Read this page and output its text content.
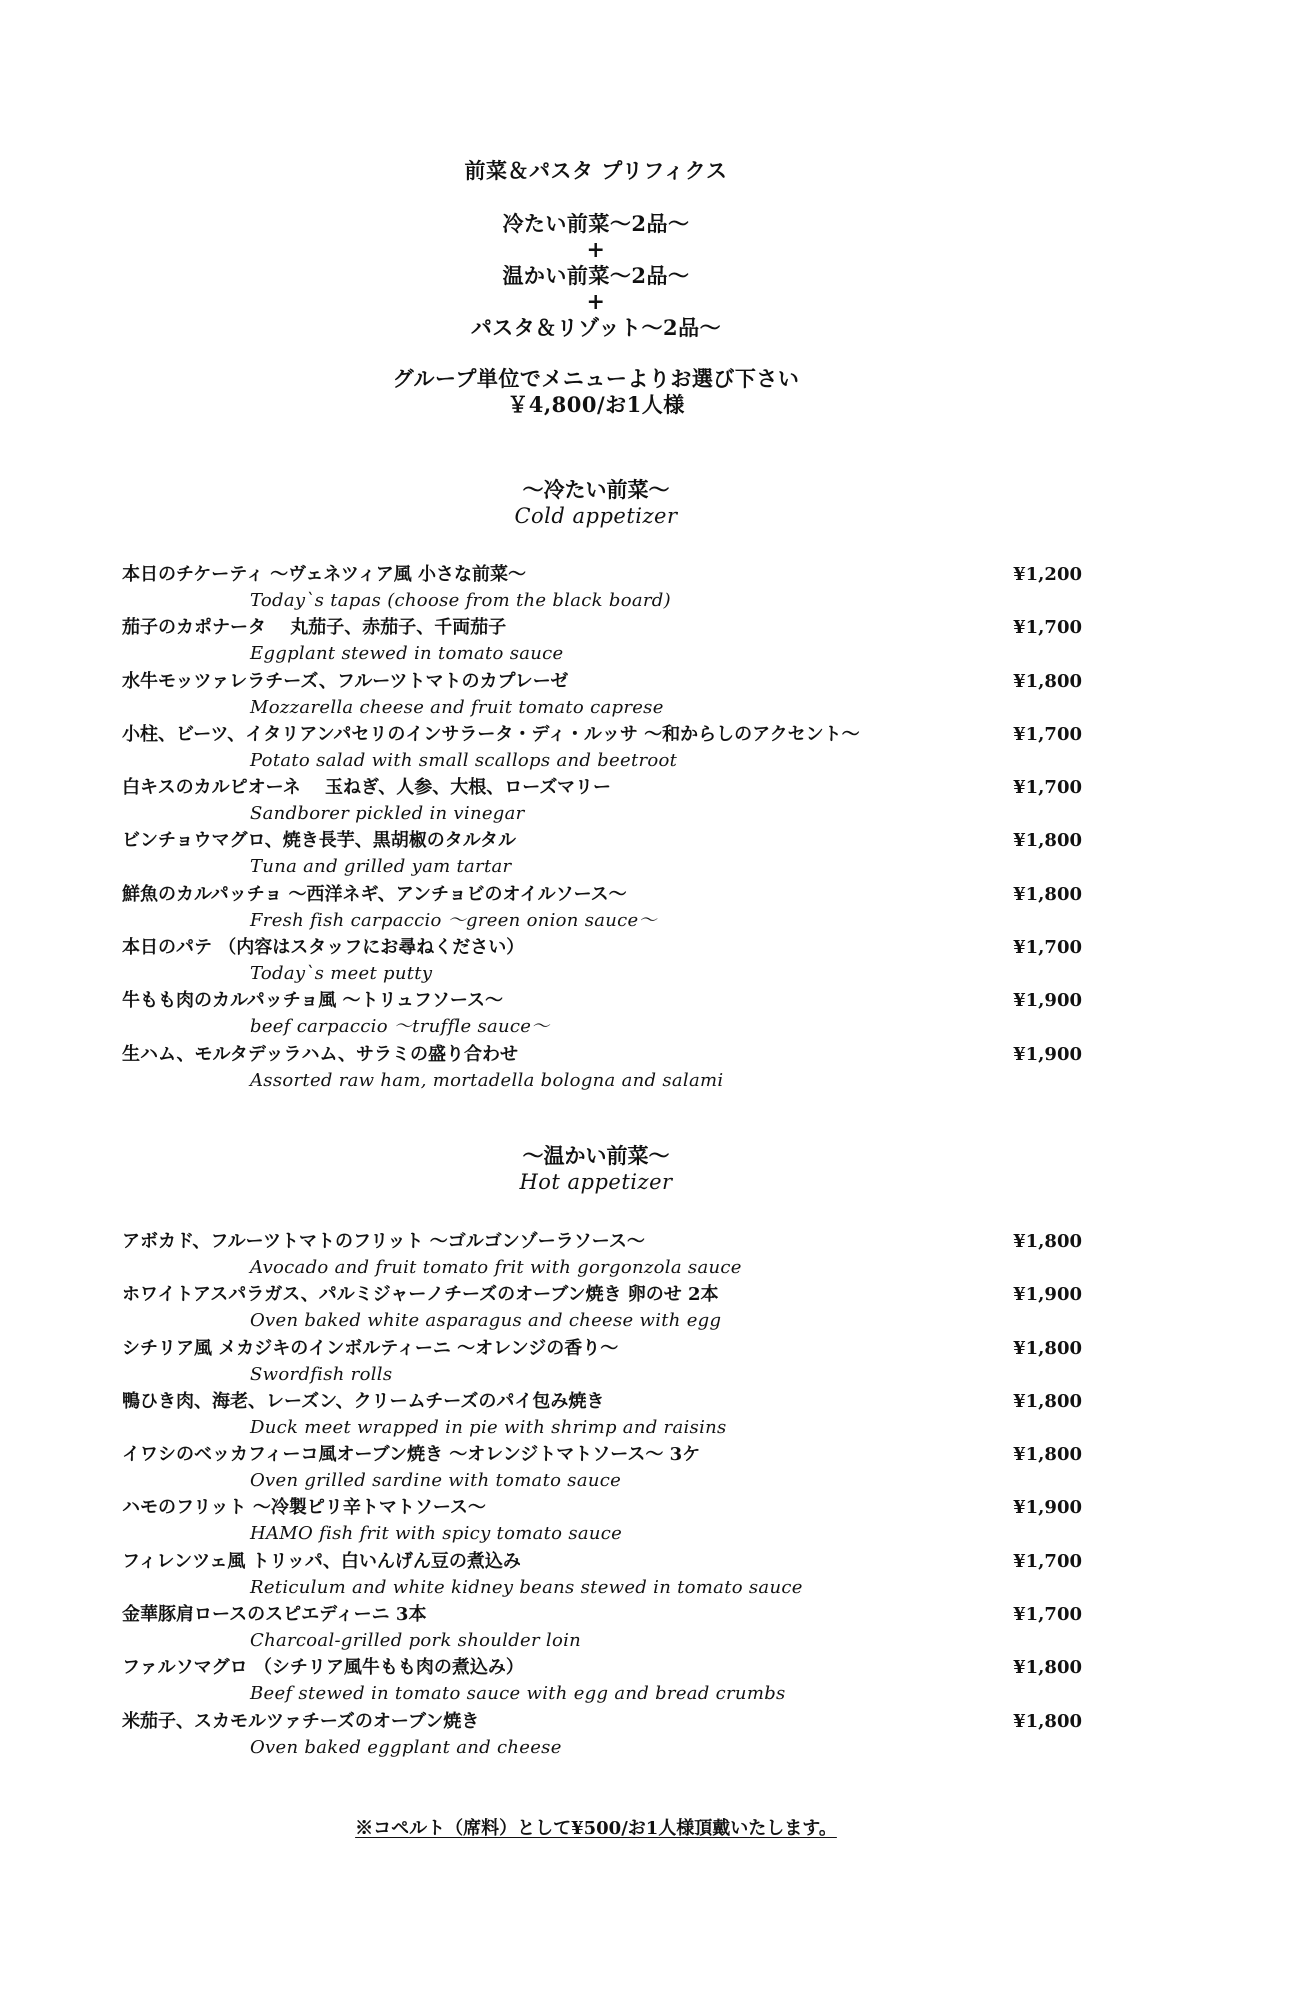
前菜＆パスタ プリフィクス
冷たい前菜～2品～
+
温かい前菜～2品～
+
パスタ＆リゾット～2品～
グループ単位でメニューよりお選び下さい
￥4,800/お1人様
～冷たい前菜～
Cold appetizer
本日のチケーティ ～ヴェネツィア風 小さな前菜～
Today`s tapas (choose from the black board)
¥1,200
茄子のカポナータ　 丸茄子、赤茄子、千両茄子
Eggplant stewed in tomato sauce
¥1,700
水牛モッツァレラチーズ、フルーツトマトのカプレーゼ
Mozzarella cheese and fruit tomato caprese
¥1,800
小柱、ビーツ、イタリアンパセリのインサラータ・ディ・ルッサ ～和からしのアクセント～
Potato salad with small scallops and beetroot
¥1,700
白キスのカルピオーネ　 玉ねぎ、人参、大根、ローズマリー
Sandborer pickled in vinegar
¥1,700
ビンチョウマグロ、焼き長芋、黒胡椒のタルタル
Tuna and grilled yam tartar
¥1,800
鮮魚のカルパッチョ ～西洋ネギ、アンチョビのオイルソース～
Fresh fish carpaccio ～green onion sauce～
¥1,800
本日のパテ （内容はスタッフにお尋ねください）
Today`s meet putty
¥1,700
牛もも肉のカルパッチョ風 ～トリュフソース～
beef carpaccio ～truffle sauce～
¥1,900
生ハム、モルタデッラハム、サラミの盛り合わせ
Assorted raw ham, mortadella bologna and salami
¥1,900
～温かい前菜～
Hot appetizer
アボカド、フルーツトマトのフリット ～ゴルゴンゾーラソース～
Avocado and fruit tomato frit with gorgonzola sauce
¥1,800
ホワイトアスパラガス、パルミジャーノチーズのオーブン焼き 卵のせ 2本
Oven baked white asparagus and cheese with egg
¥1,900
シチリア風 メカジキのインボルティーニ ～オレンジの香り～
Swordfish rolls
¥1,800
鴨ひき肉、海老、レーズン、クリームチーズのパイ包み焼き
Duck meet wrapped in pie with shrimp and raisins
¥1,800
イワシのベッカフィーコ風オーブン焼き ～オレンジトマトソース～ 3ケ
Oven grilled sardine with tomato sauce
¥1,800
ハモのフリット ～冷製ピリ辛トマトソース～
HAMO fish frit with spicy tomato sauce
¥1,900
フィレンツェ風 トリッパ、白いんげん豆の煮込み
Reticulum and white kidney beans stewed in tomato sauce
¥1,700
金華豚肩ロースのスピエディーニ 3本
Charcoal-grilled pork shoulder loin
¥1,700
ファルソマグロ （シチリア風牛もも肉の煮込み）
Beef stewed in tomato sauce with egg and bread crumbs
¥1,800
米茄子、スカモルツァチーズのオーブン焼き
Oven baked eggplant and cheese
¥1,800
※コペルト（席料）として¥500/お1人様頂戴いたします。
